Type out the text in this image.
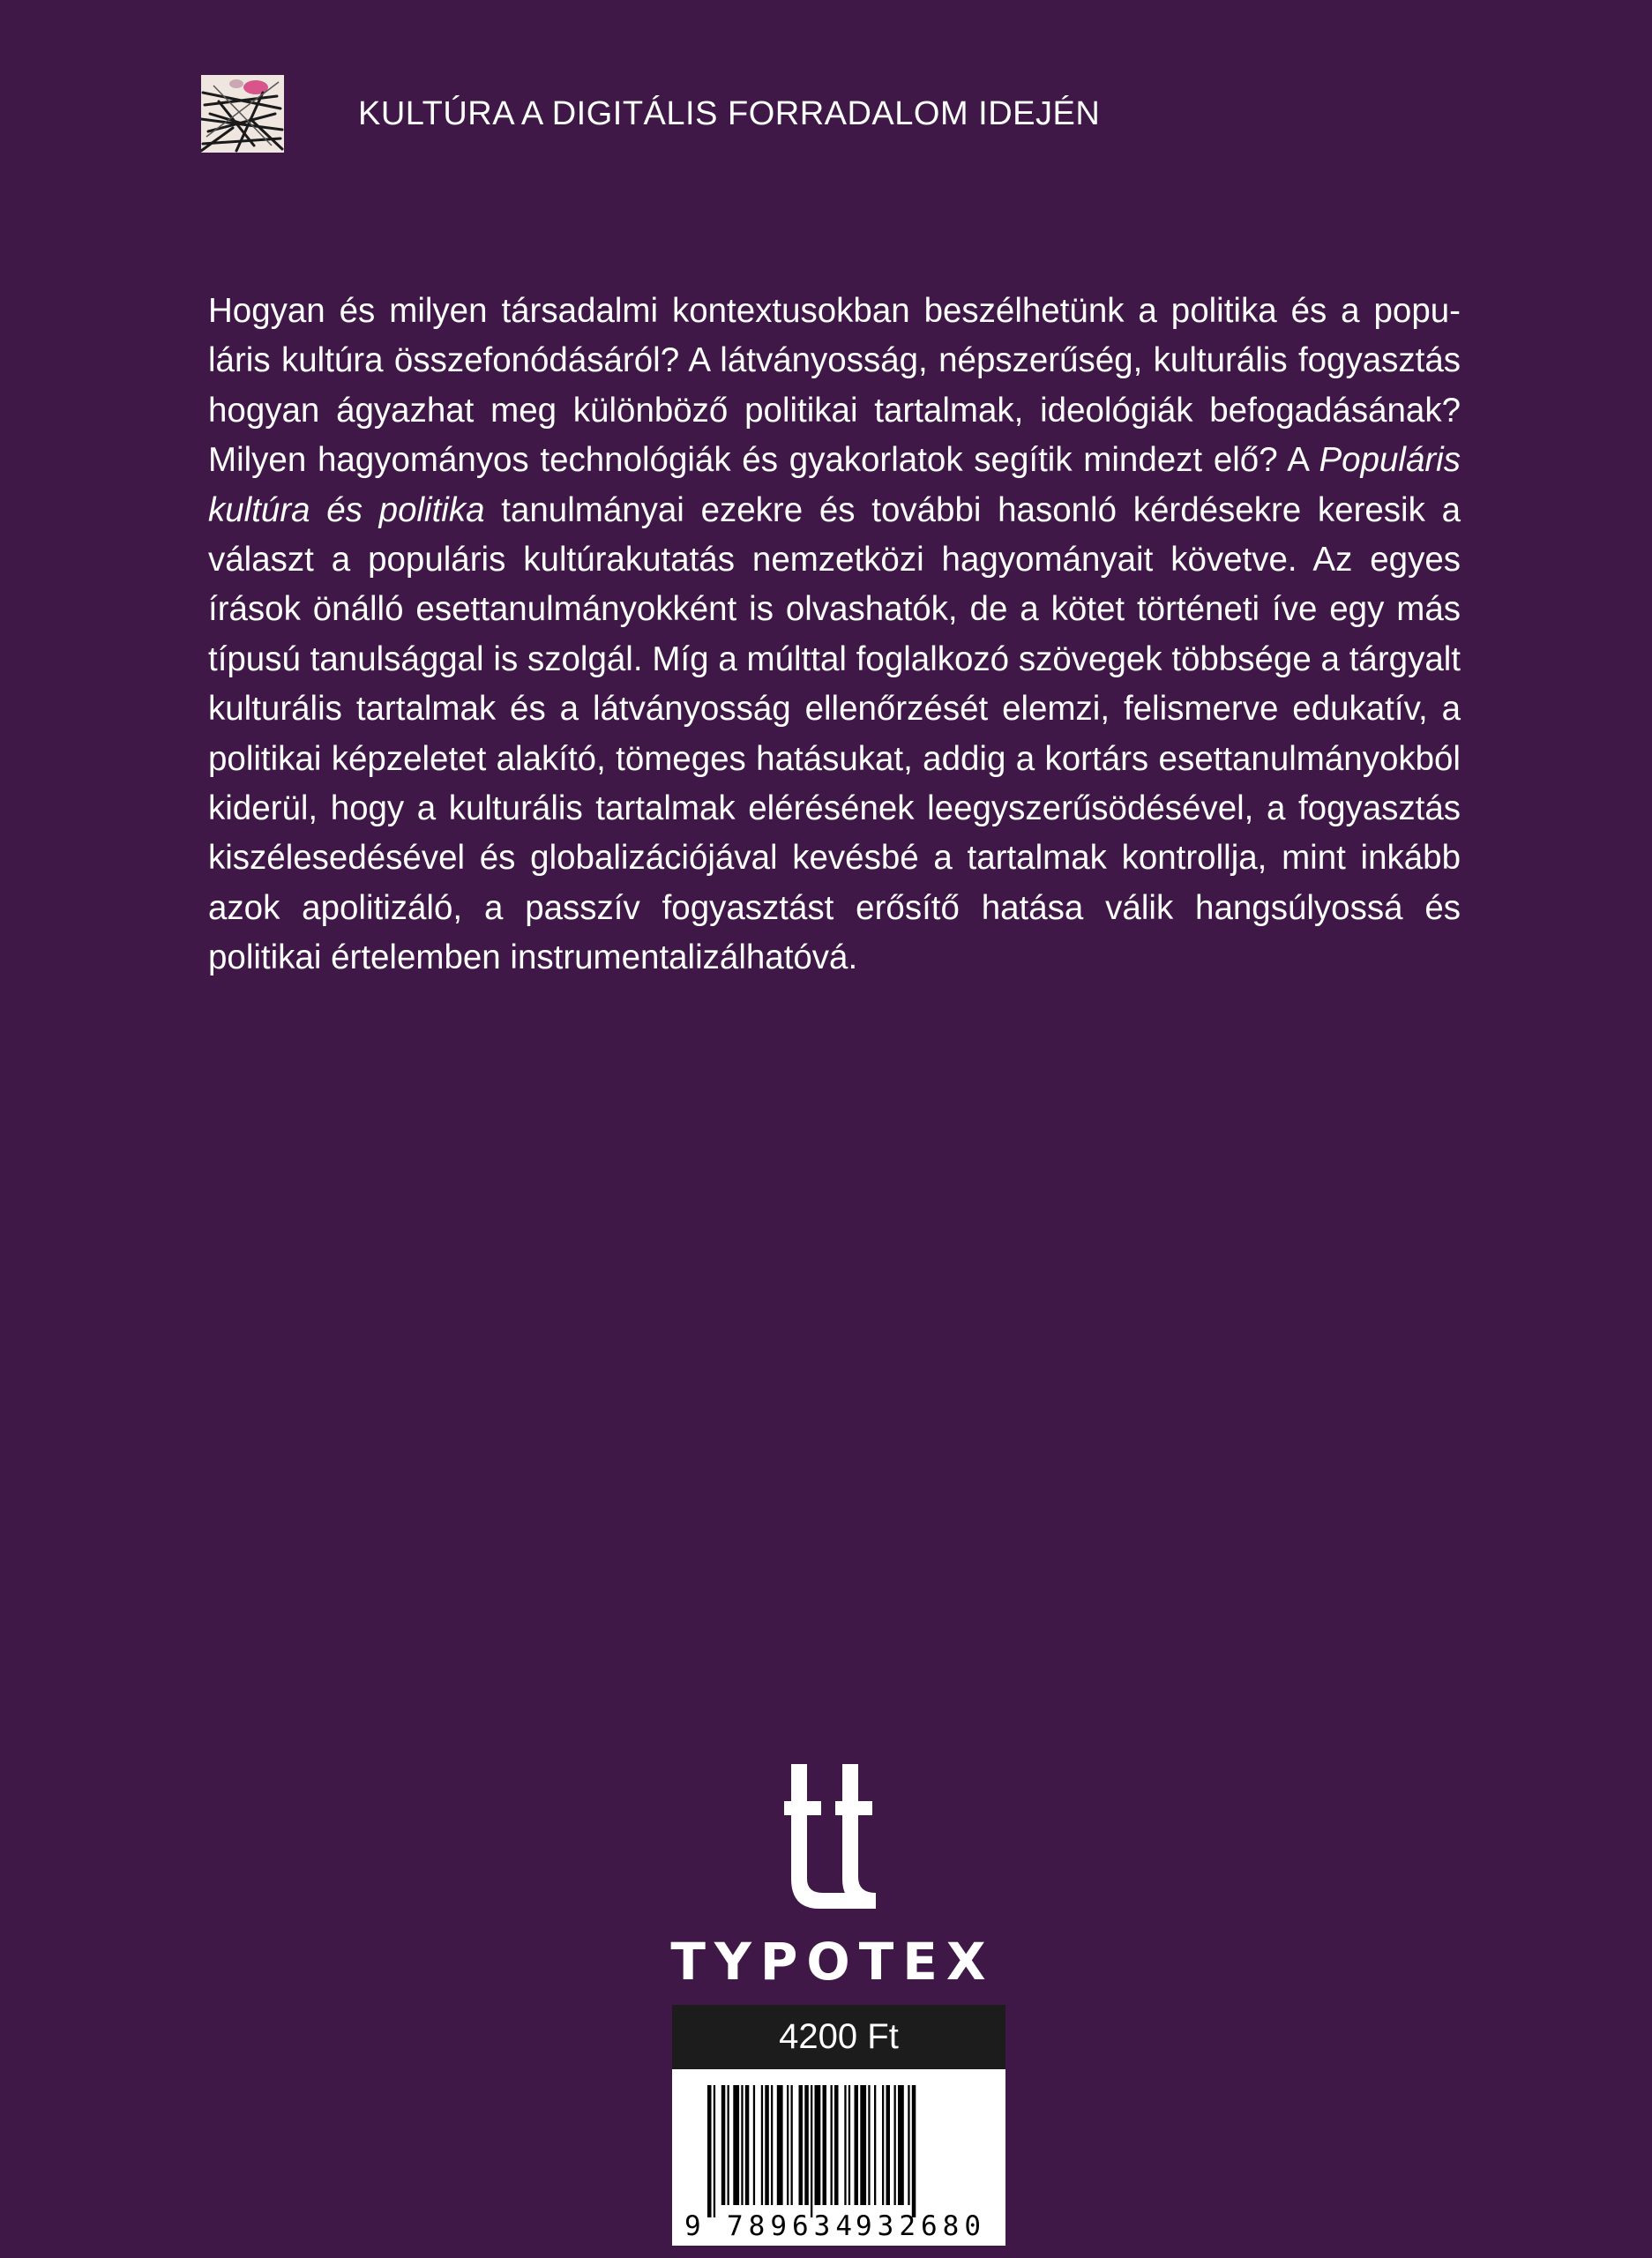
KULTÚRA A DIGITÁLIS FORRADALOM IDEJÉN
Hogyan és milyen társadalmi kontextusokban beszélhetünk a politika és a populáris kultúra összefonódásáról? A látványosság, népszerűség, kulturális fogyasztás hogyan ágyazhat meg különböző politikai tartalmak, ideológiák befogadásának? Milyen hagyományos technológiák és gyakorlatok segítik mindezt elő? A Populáris kultúra és politika tanulmányai ezekre és további hasonló kérdésekre keresik a választ a populáris kultúrakutatás nemzetközi hagyományait követve. Az egyes írások önálló esettanulmányokként is olvashatók, de a kötet történeti íve egy más típusú tanulsággal is szolgál. Míg a múlttal foglalkozó szövegek többsége a tárgyalt kulturális tartalmak és a látványosság ellenőrzését elemzi, felismerve edukatív, a politikai képzeletet alakító, tömeges hatásukat, addig a kortárs esettanulmányokból kiderül, hogy a kulturális tartalmak elérésének leegyszerűsödésével, a fogyasztás kiszélesedésével és globalizációjával kevésbé a tartalmak kontrollja, mint inkább azok apolitizáló, a passzív fogyasztást erősítő hatása válik hangsúlyossá és politikai értelemben instrumentalizálhatóvá.
TYPOTEX
4200 Ft
9 789634
932680
